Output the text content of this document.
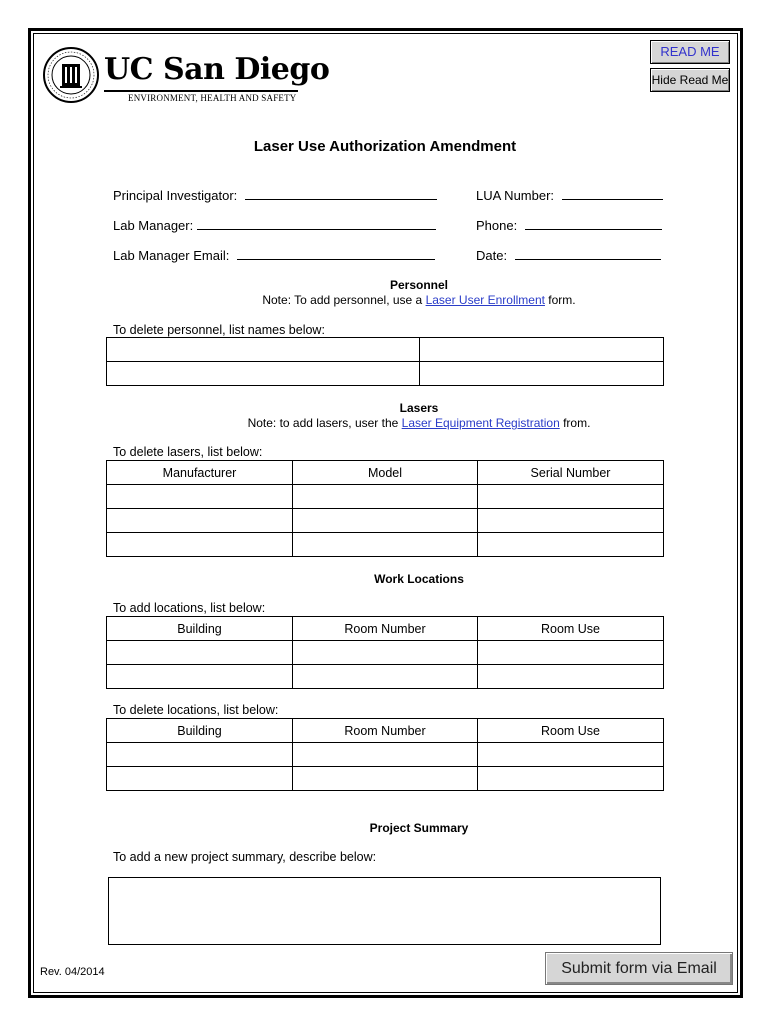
UC San Diego
ENVIRONMENT, HEALTH AND SAFETY
READ ME
Hide Read Me
Laser Use Authorization Amendment
Principal Investigator:	LUA Number:
Lab Manager:	Phone:
Lab Manager Email:	Date:
Personnel
Note: To add personnel, use a Laser User Enrollment form.
To delete personnel, list names below:

Lasers
Note: to add lasers, user the Laser Equipment Registration from.
To delete lasers, list below:
Manufacturer	Model	Serial Number

Work Locations
To add locations, list below:
Building	Room Number	Room Use

To delete locations, list below:
Building	Room Number	Room Use

Project Summary
To add a new project summary, describe below:
Rev. 04/2014	Submit form via Email
